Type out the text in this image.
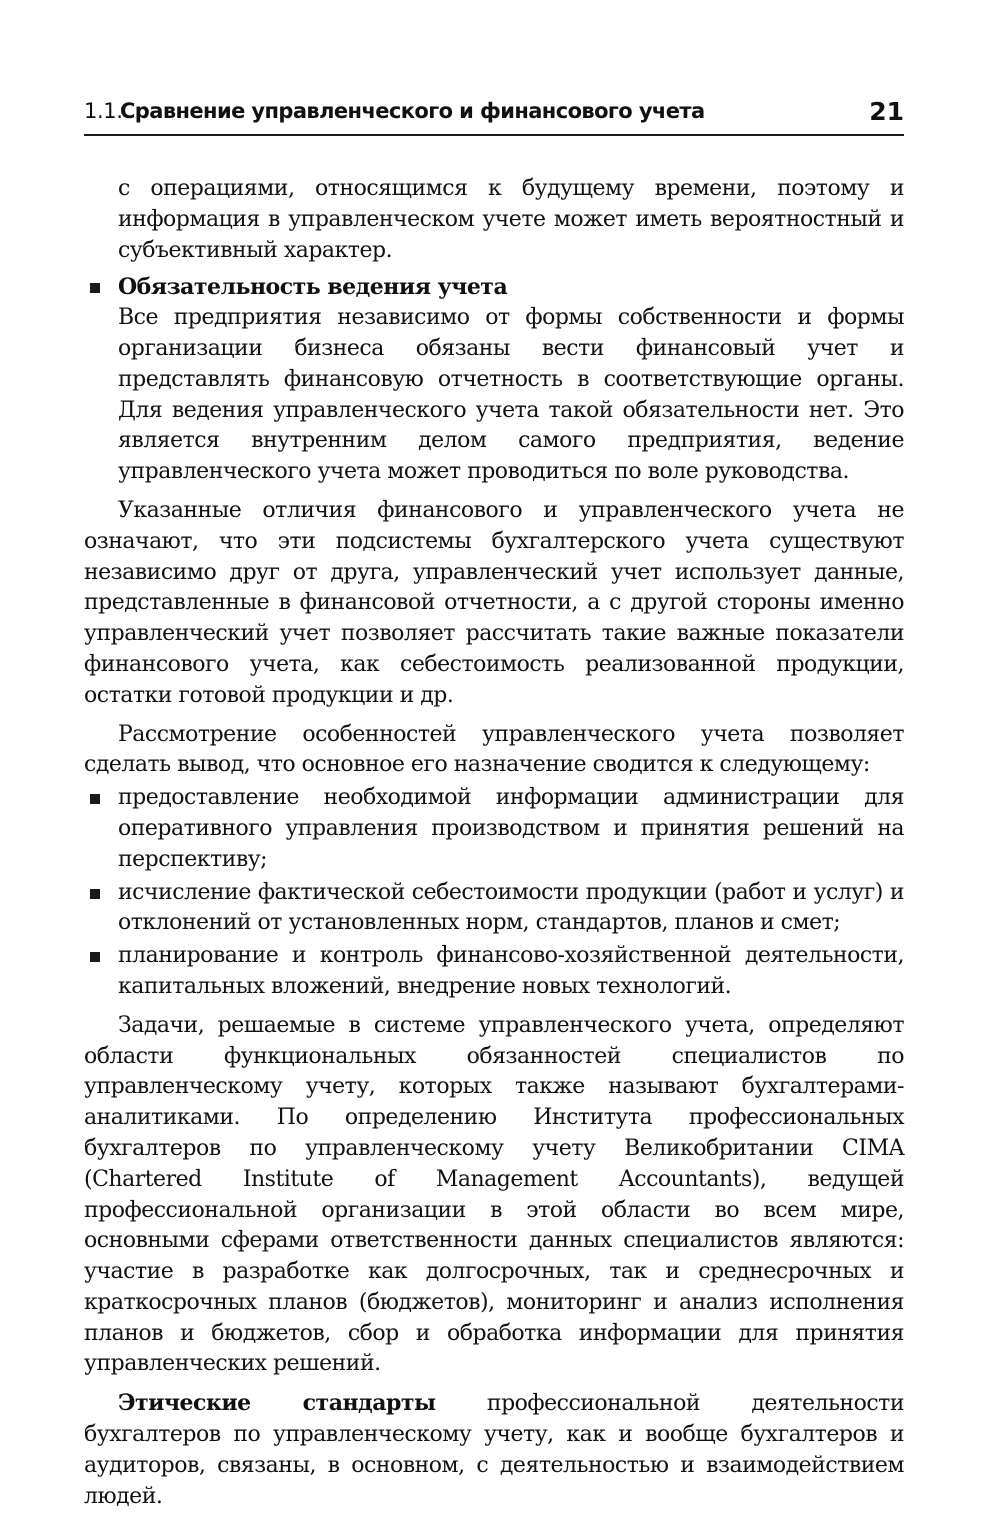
1.1.
Сравнение управленческого и финансового учета	21

с операциями, относящимся к будущему времени, поэтому и информация в управленческом учете может иметь вероятностный и субъективный характер.

Обязательность ведения учета

Все предприятия независимо от формы собственности и формы организации бизнеса обязаны вести финансовый учет и представлять финансовую отчетность в соответствующие органы. Для ведения управленческого учета такой обязательности нет. Это является внутренним делом самого предприятия, ведение управленческого учета может проводиться по воле руководства.

Указанные отличия финансового и управленческого учета не означают, что эти подсистемы бухгалтерского учета существуют независимо друг от друга, управленческий учет использует данные, представленные в финансовой отчетности, а с другой стороны именно управленческий учет позволяет рассчитать такие важные показатели финансового учета, как себестоимость реализованной продукции, остатки готовой продукции и др.

Рассмотрение особенностей управленческого учета позволяет сделать вывод, что основное его назначение сводится к следующему:

предоставление необходимой информации администрации для оперативного управления производством и принятия решений на перспективу;
исчисление фактической себестоимости продукции (работ и услуг) и отклонений от установленных норм, стандартов, планов и смет;
планирование и контроль финансово-хозяйственной деятельности, капитальных вложений, внедрение новых технологий.

Задачи, решаемые в системе управленческого учета, определяют области функциональных обязанностей специалистов по управленческому учету, которых также называют бухгалтерами-аналитиками. По определению Института профессиональных бухгалтеров по управленческому учету Великобритании CIMA (Chartered Institute of Management Accountants), ведущей профессиональной организации в этой области во всем мире, основными сферами ответственности данных специалистов являются: участие в разработке как долгосрочных, так и среднесрочных и краткосрочных планов (бюджетов), мониторинг и анализ исполнения планов и бюджетов, сбор и обработка информации для принятия управленческих решений.

Этические стандарты профессиональной деятельности бухгалтеров по управленческому учету, как и вообще бухгалтеров и аудиторов, связаны, в основном, с деятельностью и взаимодействием людей.
